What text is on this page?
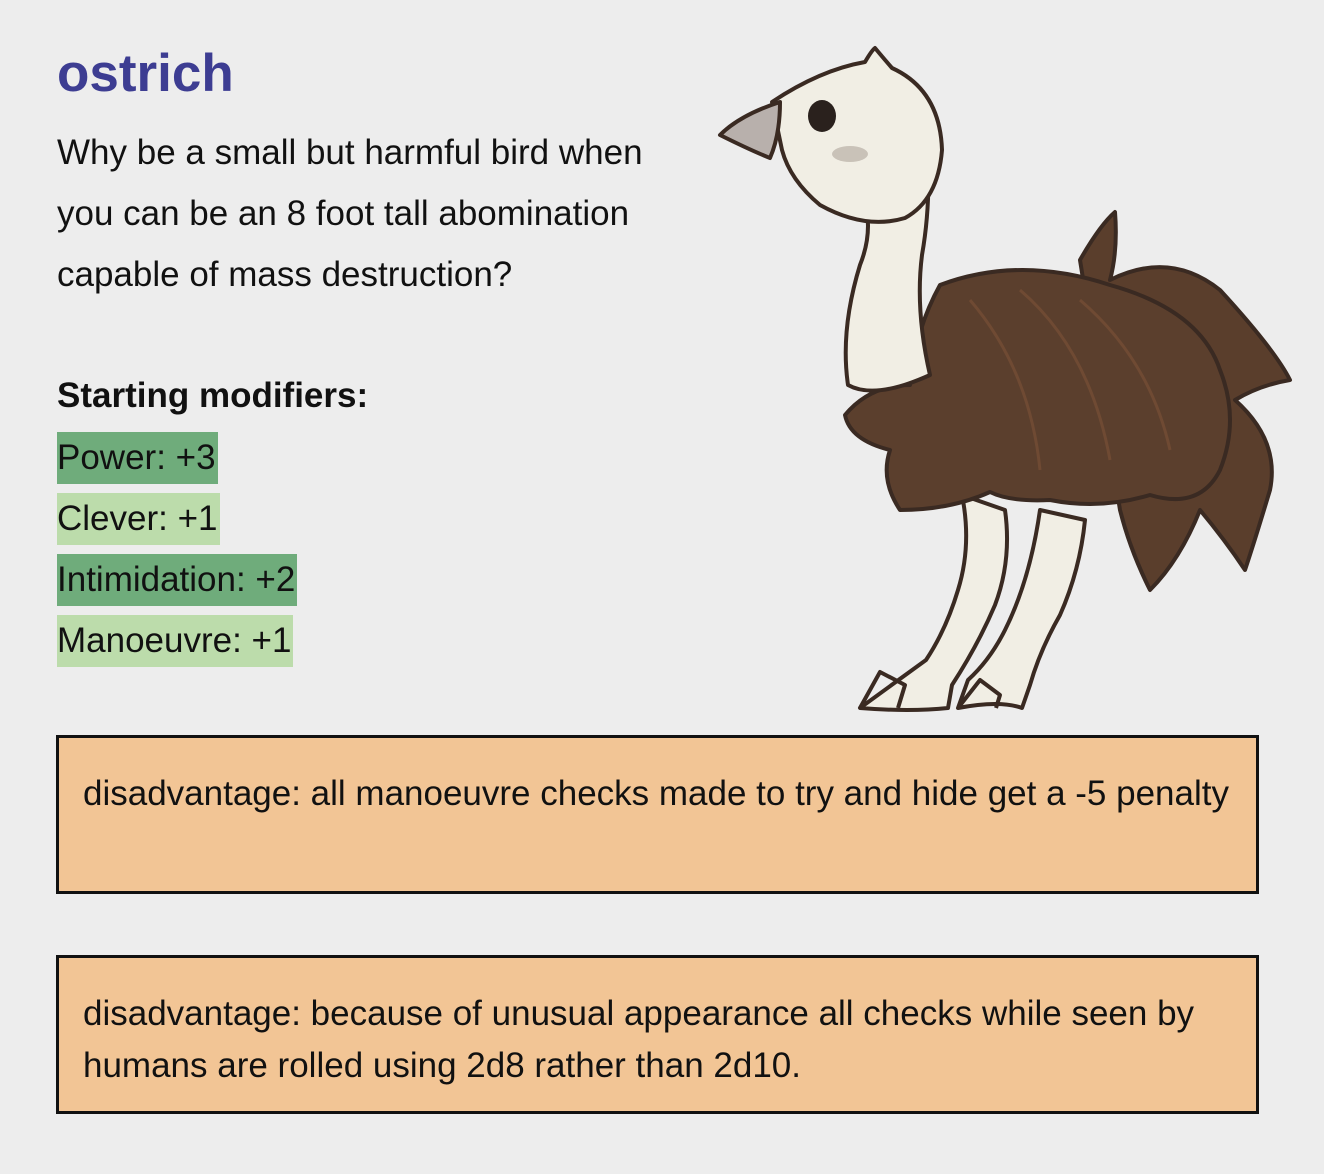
ostrich

Why be a small but harmful bird when you can be an 8 foot tall abomination capable of mass destruction?

Starting modifiers:
Power: +3
Clever: +1
Intimidation: +2
Manoeuvre: +1
disadvantage: all manoeuvre checks made to try and hide get a -5 penalty
disadvantage: because of unusual appearance all checks while seen by humans are rolled using 2d8 rather than 2d10.
